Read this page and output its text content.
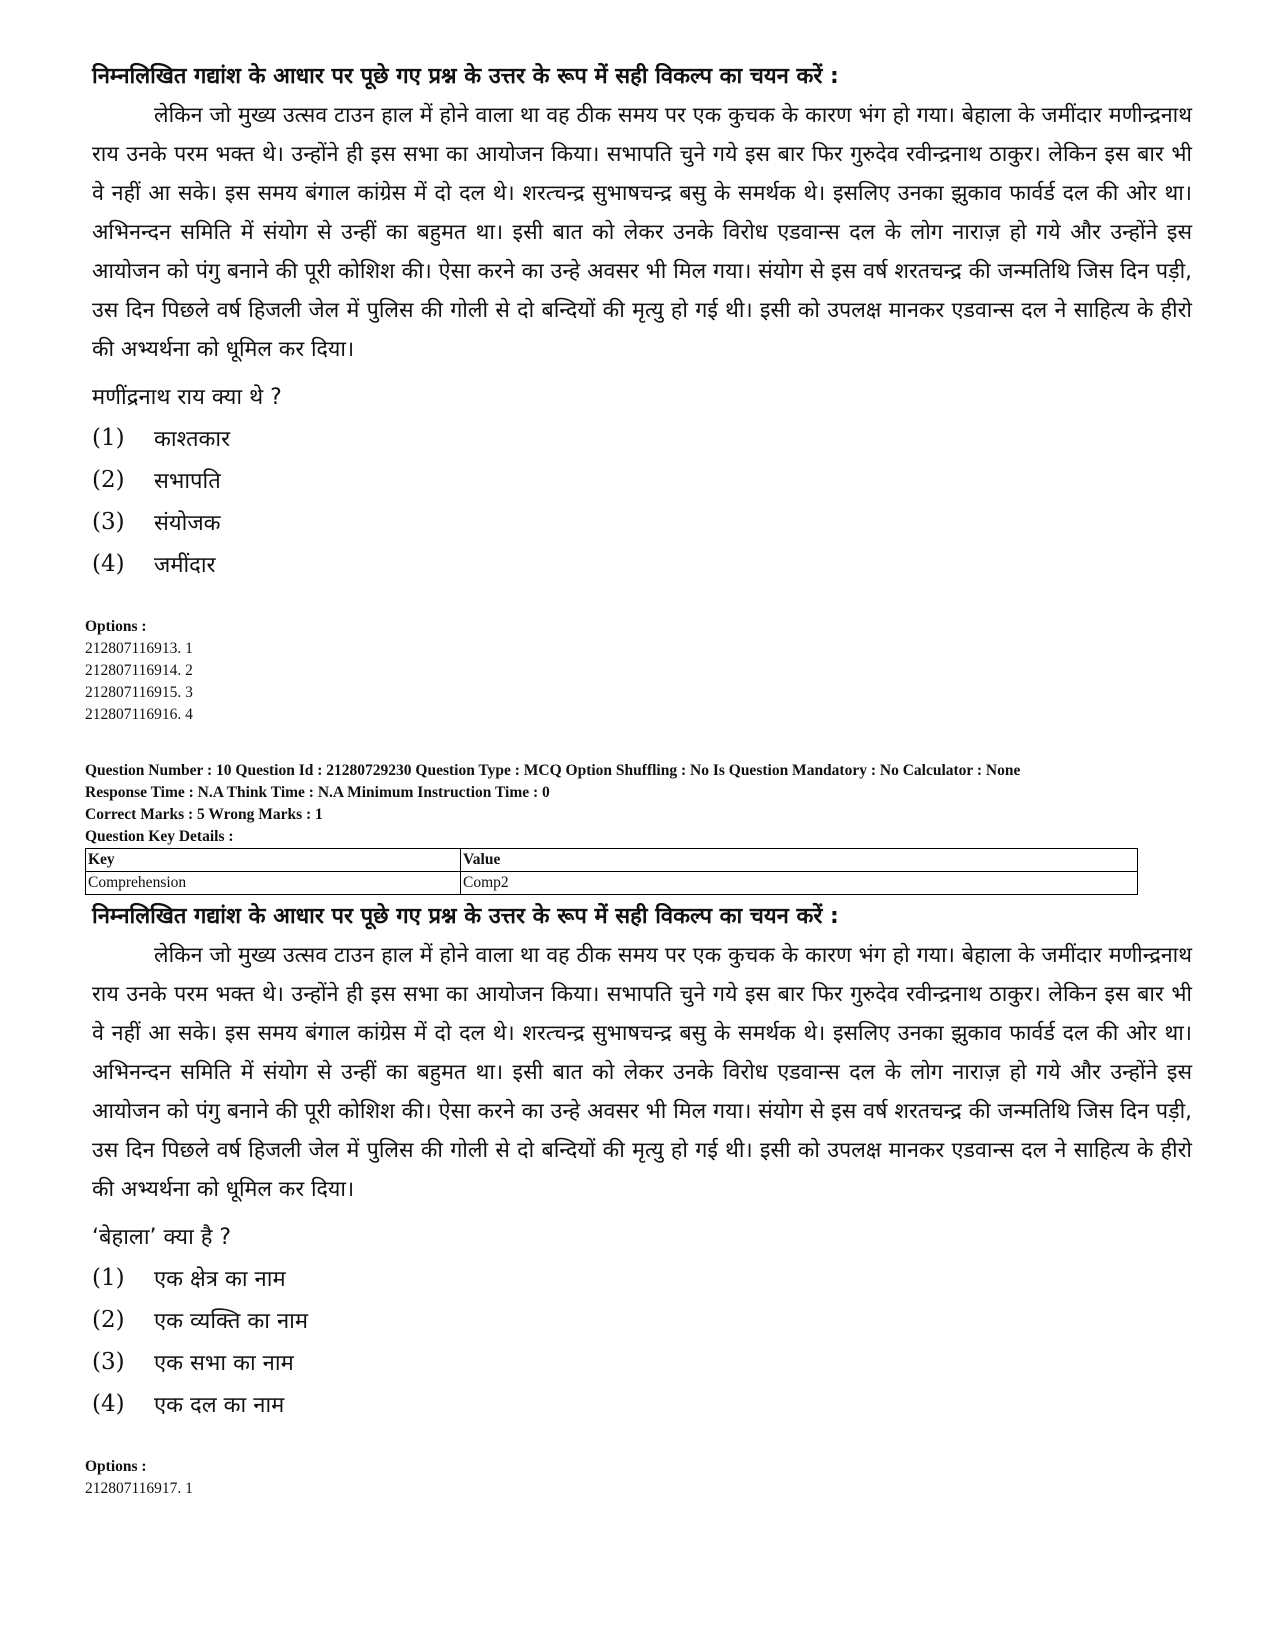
निम्नलिखित गद्यांश के आधार पर पूछे गए प्रश्न के उत्तर के रूप में सही विकल्प का चयन करें :

लेकिन जो मुख्य उत्सव टाउन हाल में होने वाला था वह ठीक समय पर एक कुचक के कारण भंग हो गया। बेहाला के जमींदार मणीन्द्रनाथ राय उनके परम भक्त थे। उन्होंने ही इस सभा का आयोजन किया। सभापति चुने गये इस बार फिर गुरुदेव रवीन्द्रनाथ ठाकुर। लेकिन इस बार भी वे नहीं आ सके। इस समय बंगाल कांग्रेस में दो दल थे। शरत्चन्द्र सुभाषचन्द्र बसु के समर्थक थे। इसलिए उनका झुकाव फार्वर्ड दल की ओर था। अभिनन्दन समिति में संयोग से उन्हीं का बहुमत था। इसी बात को लेकर उनके विरोध एडवान्स दल के लोग नाराज़ हो गये और उन्होंने इस आयोजन को पंगु बनाने की पूरी कोशिश की। ऐसा करने का उन्हे अवसर भी मिल गया। संयोग से इस वर्ष शरतचन्द्र की जन्मतिथि जिस दिन पड़ी, उस दिन पिछले वर्ष हिजली जेल में पुलिस की गोली से दो बन्दियों की मृत्यु हो गई थी। इसी को उपलक्ष मानकर एडवान्स दल ने साहित्य के हीरो की अभ्यर्थना को धूमिल कर दिया।

मणींद्रनाथ राय क्या थे ?
(1)	काश्तकार
(2)	सभापति
(3)	संयोजक
(4)	जमींदार
Options :
212807116913. 1
212807116914. 2
212807116915. 3
212807116916. 4
Question Number : 10 Question Id : 21280729230 Question Type : MCQ Option Shuffling : No Is Question Mandatory : No Calculator : None
Response Time : N.A Think Time : N.A Minimum Instruction Time : 0
Correct Marks : 5 Wrong Marks : 1
Question Key Details :
Key	Value
Comprehension	Comp2
निम्नलिखित गद्यांश के आधार पर पूछे गए प्रश्न के उत्तर के रूप में सही विकल्प का चयन करें :

लेकिन जो मुख्य उत्सव टाउन हाल में होने वाला था वह ठीक समय पर एक कुचक के कारण भंग हो गया। बेहाला के जमींदार मणीन्द्रनाथ राय उनके परम भक्त थे। उन्होंने ही इस सभा का आयोजन किया। सभापति चुने गये इस बार फिर गुरुदेव रवीन्द्रनाथ ठाकुर। लेकिन इस बार भी वे नहीं आ सके। इस समय बंगाल कांग्रेस में दो दल थे। शरत्चन्द्र सुभाषचन्द्र बसु के समर्थक थे। इसलिए उनका झुकाव फार्वर्ड दल की ओर था। अभिनन्दन समिति में संयोग से उन्हीं का बहुमत था। इसी बात को लेकर उनके विरोध एडवान्स दल के लोग नाराज़ हो गये और उन्होंने इस आयोजन को पंगु बनाने की पूरी कोशिश की। ऐसा करने का उन्हे अवसर भी मिल गया। संयोग से इस वर्ष शरतचन्द्र की जन्मतिथि जिस दिन पड़ी, उस दिन पिछले वर्ष हिजली जेल में पुलिस की गोली से दो बन्दियों की मृत्यु हो गई थी। इसी को उपलक्ष मानकर एडवान्स दल ने साहित्य के हीरो की अभ्यर्थना को धूमिल कर दिया।

‘बेहाला’ क्या है ?
(1)	एक क्षेत्र का नाम
(2)	एक व्यक्ति का नाम
(3)	एक सभा का नाम
(4)	एक दल का नाम
Options :
212807116917. 1
